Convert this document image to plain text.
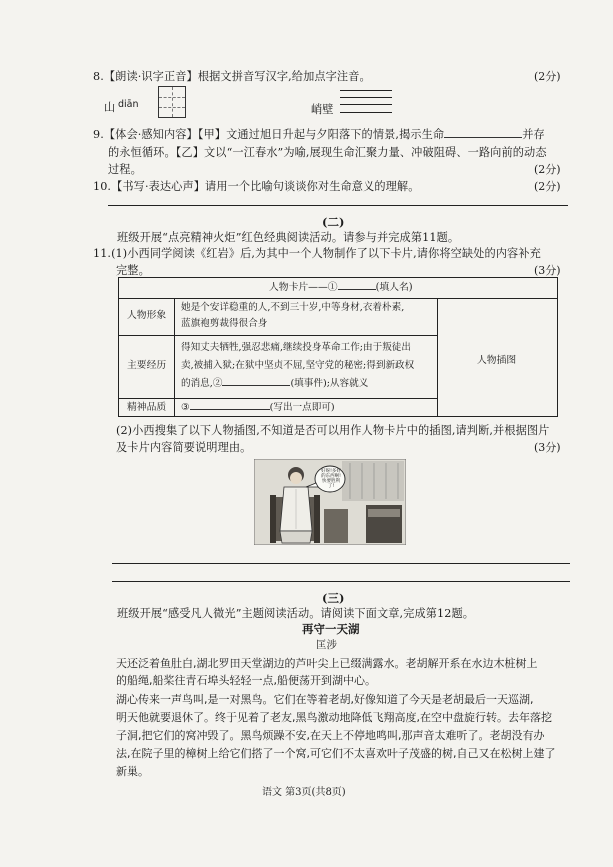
8.【朗读·识字正音】根据文拼音写汉字,给加点字注音。	(2分)
山 diān	峭壁
9.【体会·感知内容】【甲】文通过旭日升起与夕阳落下的情景,揭示生命	并存
的永恒循环。【乙】文以“一江春水”为喻,展现生命汇聚力量、冲破阻碍、一路向前的动态
过程。	(2分)
10.【书写·表达心声】请用一个比喻句谈谈你对生命意义的理解。	(2分)
(二)
班级开展“点亮精神火炬”红色经典阅读活动。请参与并完成第11题。
11.(1)小西同学阅读《红岩》后,为其中一个人物制作了以下卡片,请你将空缺处的内容补充
完整。	(3分)
人物卡片——①	(填人名)
人物形象
她是个安详稳重的人,不到三十岁,中等身材,衣着朴素,
蓝旗袍剪裁得很合身
主要经历
得知丈夫牺牲,强忍悲痛,继续投身革命工作;由于叛徒出
卖,被捕入狱;在狱中坚贞不屈,坚守党的秘密;得到新政权
的消息,②	(填事件);从容就义
精神品质 ③	(写出一点即可)
人物插图
(2)小西搜集了以下人物插图,不知道是否可以用作人物卡片中的插图,请判断,并根据图片
及卡片内容简要说明理由。	(3分)
好呀!多好的东西啊!快要胜利了!
(三)
班级开展“感受凡人微光”主题阅读活动。请阅读下面文章,完成第12题。
再守一天湖
匡涉
天还泛着鱼肚白,湖北罗田天堂湖边的芦叶尖上已缀满露水。老胡解开系在水边木桩树上
的船绳,船桨往青石埠头轻轻一点,船便荡开到湖中心。
湖心传来一声鸟叫,是一对黑鸟。它们在等着老胡,好像知道了今天是老胡最后一天巡湖,
明天他就要退休了。终于见着了老友,黑鸟激动地降低飞翔高度,在空中盘旋行转。去年落挖
子洞,把它们的窝冲毁了。黑鸟烦躁不安,在天上不停地鸣叫,那声音太难听了。老胡没有办
法,在院子里的樟树上给它们搭了一个窝,可它们不太喜欢叶子茂盛的树,自己又在松树上建了
新巢。
语文 第3页(共8页)
